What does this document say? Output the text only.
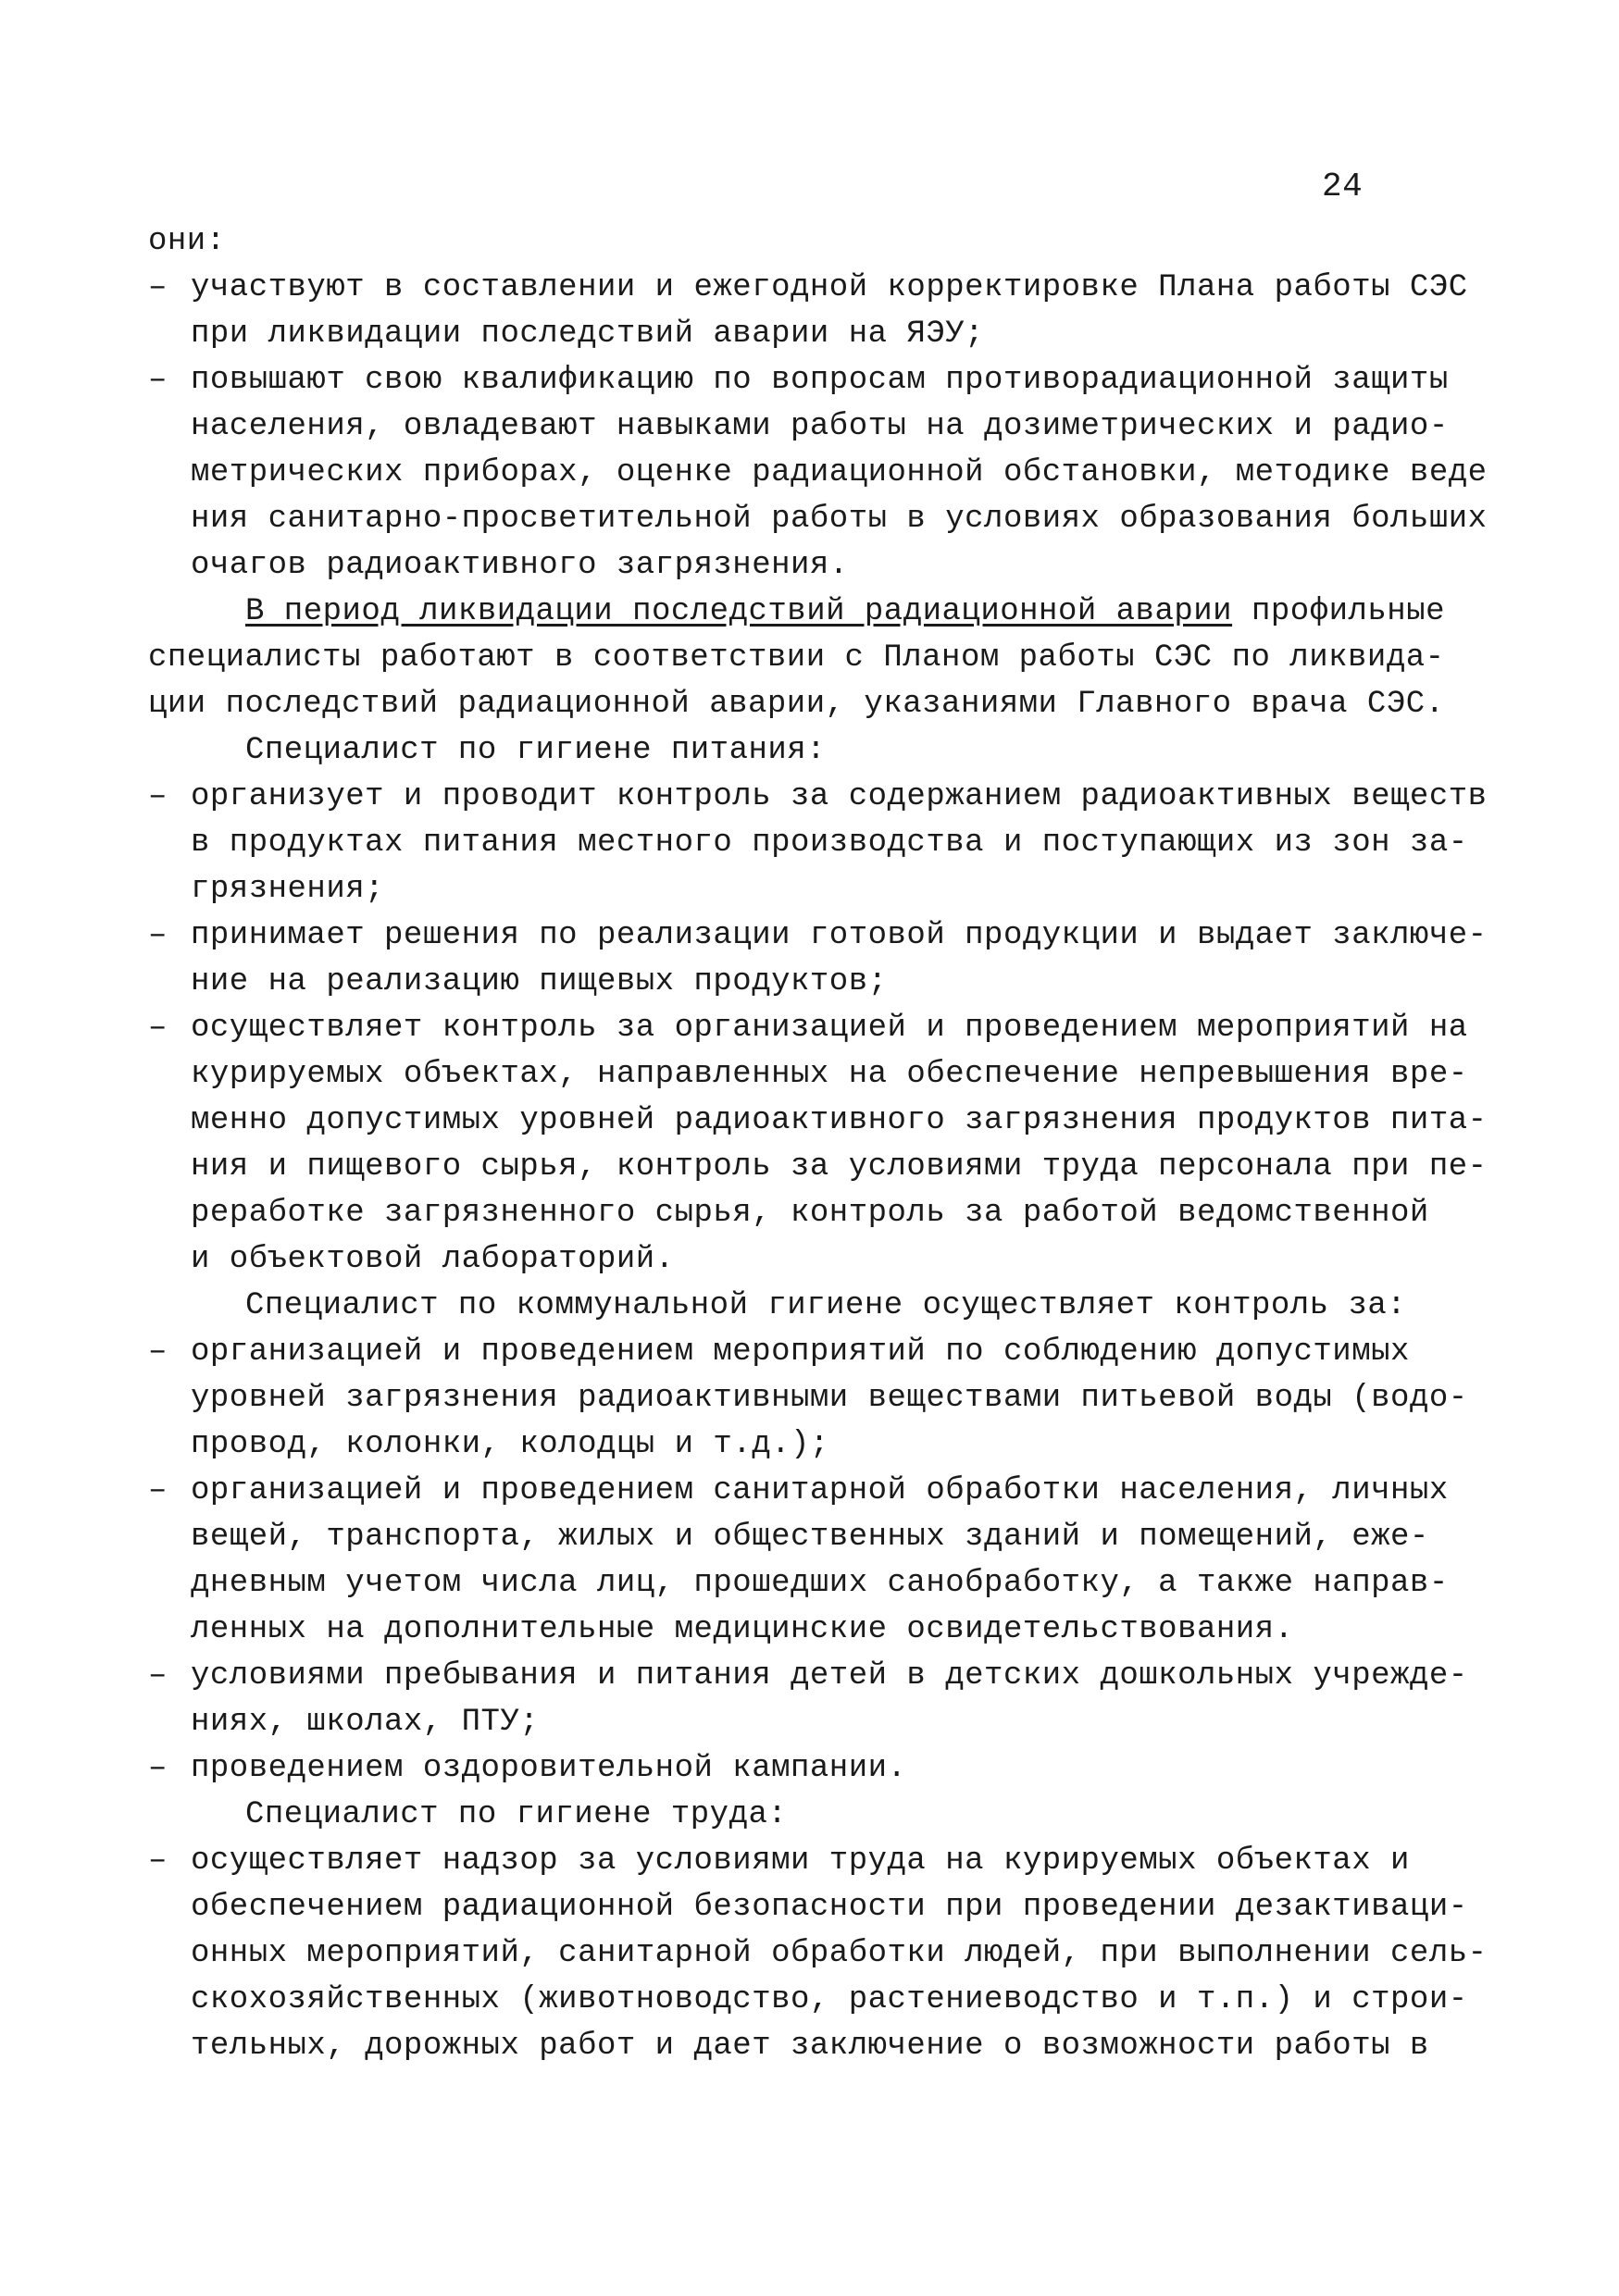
24
они:
– участвуют в составлении и ежегодной корректировке Плана работы СЭС
при ликвидации последствий аварии на ЯЭУ;
– повышают свою квалификацию по вопросам противорадиационной защиты
населения, овладевают навыками работы на дозиметрических и радио-
метрических приборах, оценке радиационной обстановки, методике веде
ния санитарно-просветительной работы в условиях образования больших
очагов радиоактивного загрязнения.
В период ликвидации последствий радиационной аварии профильные
специалисты работают в соответствии с Планом работы СЭС по ликвида-
ции последствий радиационной аварии, указаниями Главного врача СЭС.
Специалист по гигиене питания:
– организует и проводит контроль за содержанием радиоактивных веществ
в продуктах питания местного производства и поступающих из зон за-
грязнения;
– принимает решения по реализации готовой продукции и выдает заключе-
ние на реализацию пищевых продуктов;
– осуществляет контроль за организацией и проведением мероприятий на
курируемых объектах, направленных на обеспечение непревышения вре-
менно допустимых уровней радиоактивного загрязнения продуктов пита-
ния и пищевого сырья, контроль за условиями труда персонала при пе-
реработке загрязненного сырья, контроль за работой ведомственной
и объектовой лабораторий.
Специалист по коммунальной гигиене осуществляет контроль за:
– организацией и проведением мероприятий по соблюдению допустимых
уровней загрязнения радиоактивными веществами питьевой воды (водо-
провод, колонки, колодцы и т.д.);
– организацией и проведением санитарной обработки населения, личных
вещей, транспорта, жилых и общественных зданий и помещений, еже-
дневным учетом числа лиц, прошедших санобработку, а также направ-
ленных на дополнительные медицинские освидетельствования.
– условиями пребывания и питания детей в детских дошкольных учрежде-
ниях, школах, ПТУ;
– проведением оздоровительной кампании.
Специалист по гигиене труда:
– осуществляет надзор за условиями труда на курируемых объектах и
обеспечением радиационной безопасности при проведении дезактиваци-
онных мероприятий, санитарной обработки людей, при выполнении сель-
скохозяйственных (животноводство, растениеводство и т.п.) и строи-
тельных, дорожных работ и дает заключение о возможности работы в
